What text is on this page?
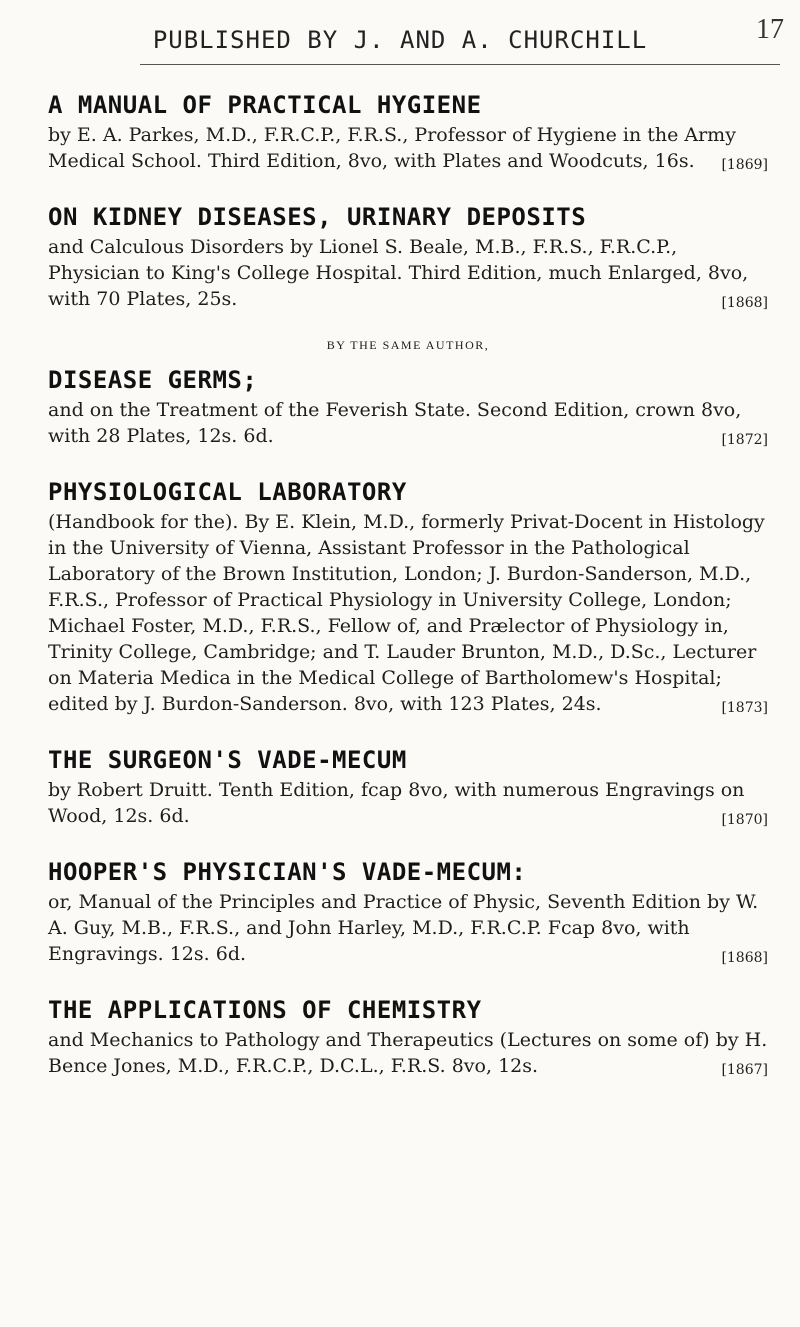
PUBLISHED BY J. AND A. CHURCHILL	17

A MANUAL OF PRACTICAL HYGIENE

by E. A. Parkes, M.D., F.R.C.P., F.R.S., Professor of Hygiene in the Army Medical School. Third Edition, 8vo, with Plates and Woodcuts, 16s. [1869]

ON KIDNEY DISEASES, URINARY DEPOSITS

and Calculous Disorders by Lionel S. Beale, M.B., F.R.S., F.R.C.P., Physician to King's College Hospital. Third Edition, much Enlarged, 8vo, with 70 Plates, 25s.	[1868]

BY THE SAME AUTHOR,

DISEASE GERMS;

and on the Treatment of the Feverish State. Second Edition, crown 8vo, with 28 Plates, 12s. 6d.	[1872]

PHYSIOLOGICAL LABORATORY

(Handbook for the). By E. Klein, M.D., formerly Privat-Docent in Histology in the University of Vienna, Assistant Professor in the Pathological Laboratory of the Brown Institution, London; J. Burdon-Sanderson, M.D., F.R.S., Professor of Practical Physiology in University College, London; Michael Foster, M.D., F.R.S., Fellow of, and Prælector of Physiology in, Trinity College, Cambridge; and T. Lauder Brunton, M.D., D.Sc., Lecturer on Materia Medica in the Medical College of Bartholomew's Hospital; edited by J. Burdon-Sanderson. 8vo, with 123 Plates, 24s.	[1873]

THE SURGEON'S VADE-MECUM

by Robert Druitt. Tenth Edition, fcap 8vo, with numerous Engravings on Wood, 12s. 6d.	[1870]

HOOPER'S PHYSICIAN'S VADE-MECUM:

or, Manual of the Principles and Practice of Physic, Seventh Edition by W. A. Guy, M.B., F.R.S., and John Harley, M.D., F.R.C.P. Fcap 8vo, with Engravings. 12s. 6d.	[1868]

THE APPLICATIONS OF CHEMISTRY

and Mechanics to Pathology and Therapeutics (Lectures on some of) by H. Bence Jones, M.D., F.R.C.P., D.C.L., F.R.S. 8vo, 12s.	[1867]
